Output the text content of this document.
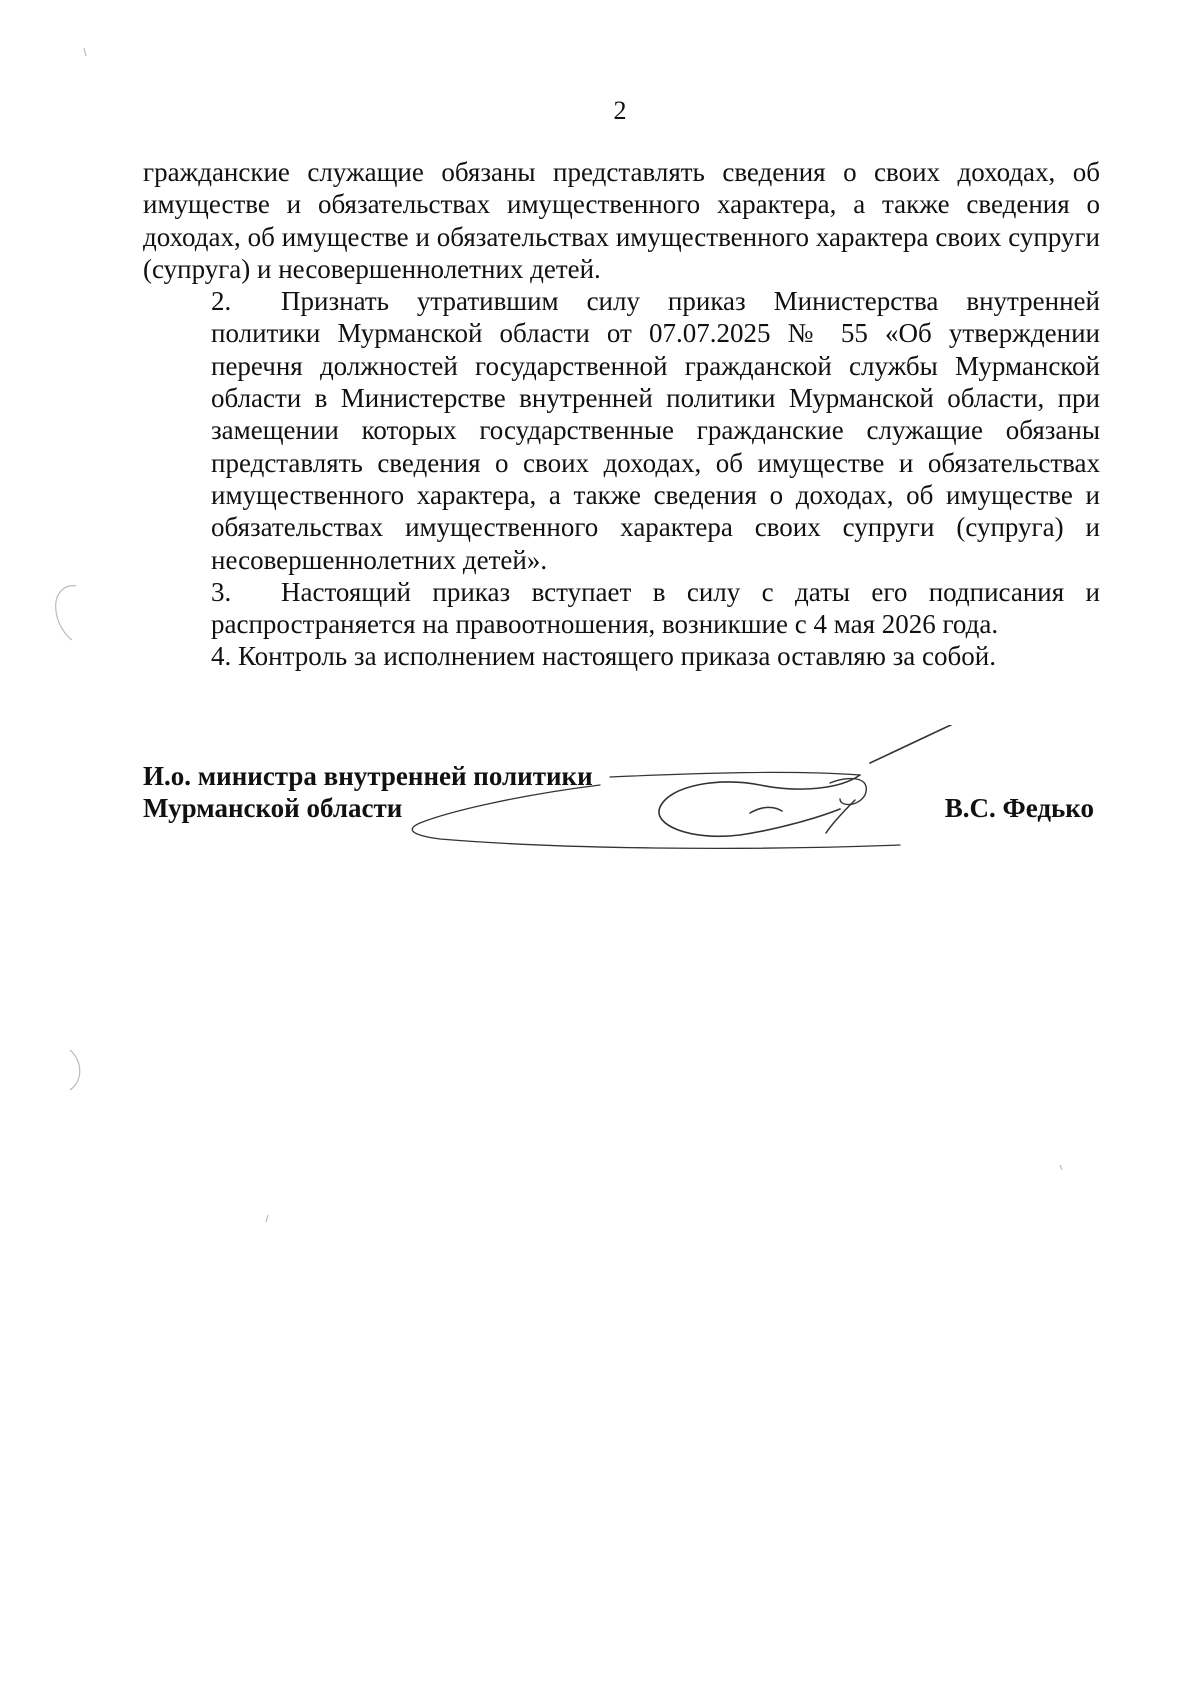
2

гражданские служащие обязаны представлять сведения о своих доходах, об имуществе и обязательствах имущественного характера, а также сведения о доходах, об имуществе и обязательствах имущественного характера своих супруги (супруга) и несовершеннолетних детей.

2. Признать утратившим силу приказ Министерства внутренней политики Мурманской области от 07.07.2025 № 55 «Об утверждении перечня должностей государственной гражданской службы Мурманской области в Министерстве внутренней политики Мурманской области, при замещении которых государственные гражданские служащие обязаны представлять сведения о своих доходах, об имуществе и обязательствах имущественного характера, а также сведения о доходах, об имуществе и обязательствах имущественного характера своих супруги (супруга) и несовершеннолетних детей».

3. Настоящий приказ вступает в силу с даты его подписания и распространяется на правоотношения, возникшие с 4 мая 2026 года.

4. Контроль за исполнением настоящего приказа оставляю за собой.

И.о. министра внутренней политики
Мурманской области	В.С. Федько
